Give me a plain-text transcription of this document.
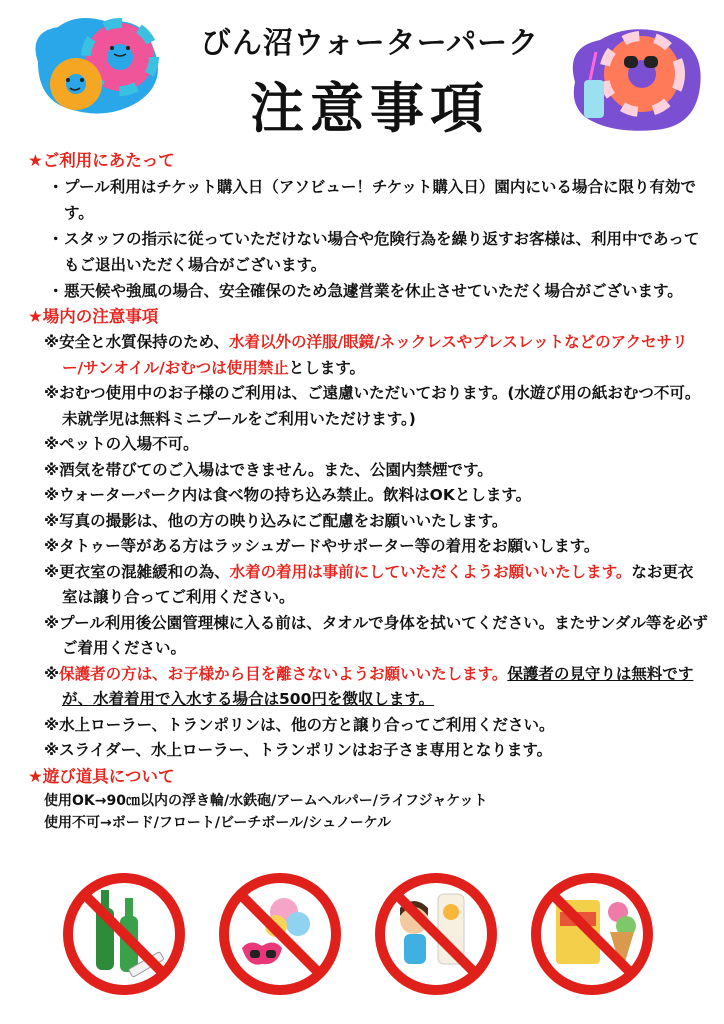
びん沼ウォーターパーク
注意事項
★ご利用にあたって
・プール利用はチケット購入日（アソビュー！チケット購入日）園内にいる場合に限り有効です。
・スタッフの指示に従っていただけない場合や危険行為を繰り返すお客様は、利用中であってもご退出いただく場合がございます。
・悪天候や強風の場合、安全確保のため急遽営業を休止させていただく場合がございます。
★場内の注意事項
※安全と水質保持のため、水着以外の洋服/眼鏡/ネックレスやブレスレットなどのアクセサリー/サンオイル/おむつは使用禁止とします。
※おむつ使用中のお子様のご利用は、ご遠慮いただいております。(水遊び用の紙おむつ不可。未就学児は無料ミニプールをご利用いただけます。)
※ペットの入場不可。
※酒気を帯びてのご入場はできません。また、公園内禁煙です。
※ウォーターパーク内は食べ物の持ち込み禁止。飲料はOKとします。
※写真の撮影は、他の方の映り込みにご配慮をお願いいたします。
※タトゥー等がある方はラッシュガードやサポーター等の着用をお願いします。
※更衣室の混雑緩和の為、水着の着用は事前にしていただくようお願いいたします。なお更衣室は譲り合ってご利用ください。
※プール利用後公園管理棟に入る前は、タオルで身体を拭いてください。またサンダル等を必ずご着用ください。
※保護者の方は、お子様から目を離さないようお願いいたします。保護者の見守りは無料ですが、水着着用で入水する場合は500円を徴収します。
※水上ローラー、トランポリンは、他の方と譲り合ってご利用ください。
※スライダー、水上ローラー、トランポリンはお子さま専用となります。
★遊び道具について
使用OK→90㎝以内の浮き輪/水鉄砲/アームヘルパー/ライフジャケット
使用不可→ボード/フロート/ビーチボール/シュノーケル
